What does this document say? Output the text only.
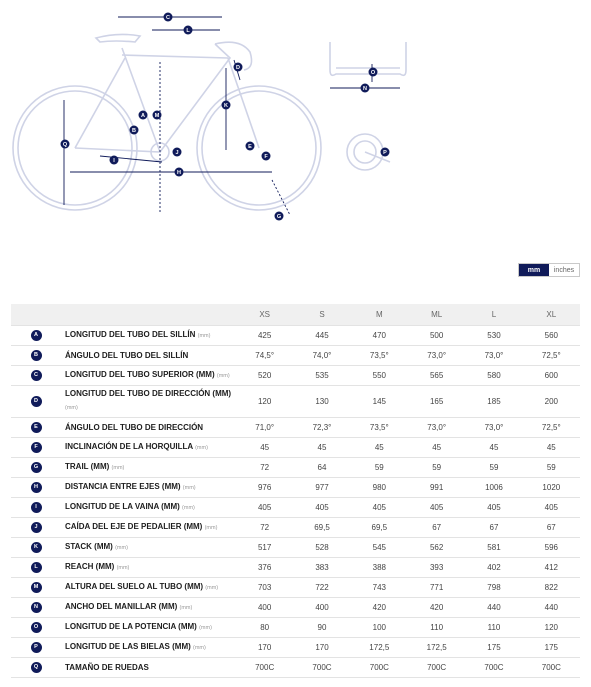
C
L
D
A M
B
K
Q
J
E
F
I
H
G
O
N
P
mm	inches
		XS	S	M	ML	L	XL
A	LONGITUD DEL TUBO DEL SILLÍN (mm)	425	445	470	500	530	560
B	ÁNGULO DEL TUBO DEL SILLÍN	74,5°	74,0°	73,5°	73,0°	73,0°	72,5°
C	LONGITUD DEL TUBO SUPERIOR (MM) (mm)	520	535	550	565	580	600
D	LONGITUD DEL TUBO DE DIRECCIÓN (MM) (mm)	120	130	145	165	185	200
E	ÁNGULO DEL TUBO DE DIRECCIÓN	71,0°	72,3°	73,5°	73,0°	73,0°	72,5°
F	INCLINACIÓN DE LA HORQUILLA (mm)	45	45	45	45	45	45
G	TRAIL (MM) (mm)	72	64	59	59	59	59
H	DISTANCIA ENTRE EJES (MM) (mm)	976	977	980	991	1006	1020
I	LONGITUD DE LA VAINA (MM) (mm)	405	405	405	405	405	405
J	CAÍDA DEL EJE DE PEDALIER (MM) (mm)	72	69,5	69,5	67	67	67
K	STACK (MM) (mm)	517	528	545	562	581	596
L	REACH (MM) (mm)	376	383	388	393	402	412
M	ALTURA DEL SUELO AL TUBO (MM) (mm)	703	722	743	771	798	822
N	ANCHO DEL MANILLAR (MM) (mm)	400	400	420	420	440	440
O	LONGITUD DE LA POTENCIA (MM) (mm)	80	90	100	110	110	120
P	LONGITUD DE LAS BIELAS (MM) (mm)	170	170	172,5	172,5	175	175
Q	TAMAÑO DE RUEDAS	700C	700C	700C	700C	700C	700C
